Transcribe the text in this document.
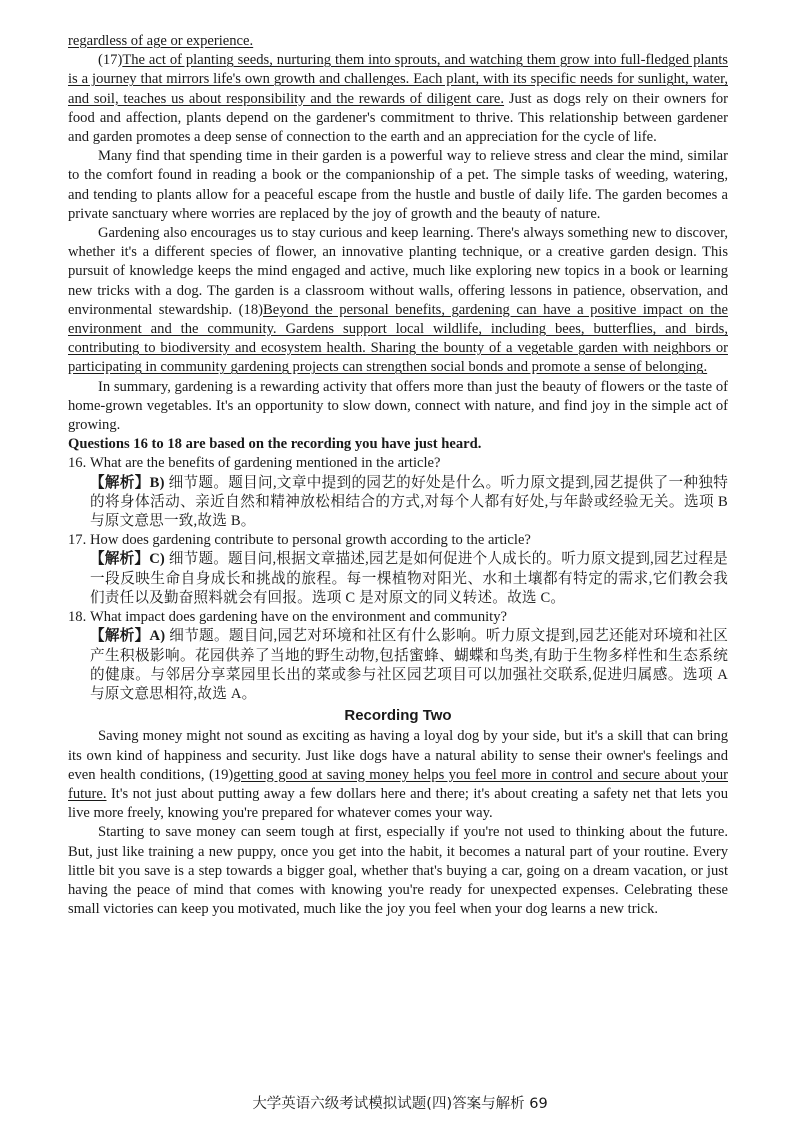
regardless of age or experience.

(17)The act of planting seeds, nurturing them into sprouts, and watching them grow into full-fledged plants is a journey that mirrors life's own growth and challenges. Each plant, with its specific needs for sunlight, water, and soil, teaches us about responsibility and the rewards of diligent care. Just as dogs rely on their owners for food and affection, plants depend on the gardener's commitment to thrive. This relationship between gardener and garden promotes a deep sense of connection to the earth and an appreciation for the cycle of life.

Many find that spending time in their garden is a powerful way to relieve stress and clear the mind, similar to the comfort found in reading a book or the companionship of a pet. The simple tasks of weeding, watering, and tending to plants allow for a peaceful escape from the hustle and bustle of daily life. The garden becomes a private sanctuary where worries are replaced by the joy of growth and the beauty of nature.

Gardening also encourages us to stay curious and keep learning. There's always something new to discover, whether it's a different species of flower, an innovative planting technique, or a creative garden design. This pursuit of knowledge keeps the mind engaged and active, much like exploring new topics in a book or learning new tricks with a dog. The garden is a classroom without walls, offering lessons in patience, observation, and environmental stewardship. (18)Beyond the personal benefits, gardening can have a positive impact on the environment and the community. Gardens support local wildlife, including bees, butterflies, and birds, contributing to biodiversity and ecosystem health. Sharing the bounty of a vegetable garden with neighbors or participating in community gardening projects can strengthen social bonds and promote a sense of belonging.

In summary, gardening is a rewarding activity that offers more than just the beauty of flowers or the taste of home-grown vegetables. It's an opportunity to slow down, connect with nature, and find joy in the simple act of growing.

Questions 16 to 18 are based on the recording you have just heard.

16. What are the benefits of gardening mentioned in the article?

【解析】B) 细节题。题目问,文章中提到的园艺的好处是什么。听力原文提到,园艺提供了一种独特的将身体活动、亲近自然和精神放松相结合的方式,对每个人都有好处,与年龄或经验无关。选项 B 与原文意思一致,故选 B。

17. How does gardening contribute to personal growth according to the article?

【解析】C) 细节题。题目问,根据文章描述,园艺是如何促进个人成长的。听力原文提到,园艺过程是一段反映生命自身成长和挑战的旅程。每一棵植物对阳光、水和土壤都有特定的需求,它们教会我们责任以及勤奋照料就会有回报。选项 C 是对原文的同义转述。故选 C。

18. What impact does gardening have on the environment and community?

【解析】A) 细节题。题目问,园艺对环境和社区有什么影响。听力原文提到,园艺还能对环境和社区产生积极影响。花园供养了当地的野生动物,包括蜜蜂、蝴蝶和鸟类,有助于生物多样性和生态系统的健康。与邻居分享菜园里长出的菜或参与社区园艺项目可以加强社交联系,促进归属感。选项 A 与原文意思相符,故选 A。

Recording Two

Saving money might not sound as exciting as having a loyal dog by your side, but it's a skill that can bring its own kind of happiness and security. Just like dogs have a natural ability to sense their owner's feelings and even health conditions, (19)getting good at saving money helps you feel more in control and secure about your future. It's not just about putting away a few dollars here and there; it's about creating a safety net that lets you live more freely, knowing you're prepared for whatever comes your way.

Starting to save money can seem tough at first, especially if you're not used to thinking about the future. But, just like training a new puppy, once you get into the habit, it becomes a natural part of your routine. Every little bit you save is a step towards a bigger goal, whether that's buying a car, going on a dream vacation, or just having the peace of mind that comes with knowing you're ready for unexpected expenses. Celebrating these small victories can keep you motivated, much like the joy you feel when your dog learns a new trick.

大学英语六级考试模拟试题(四)答案与解析 69
